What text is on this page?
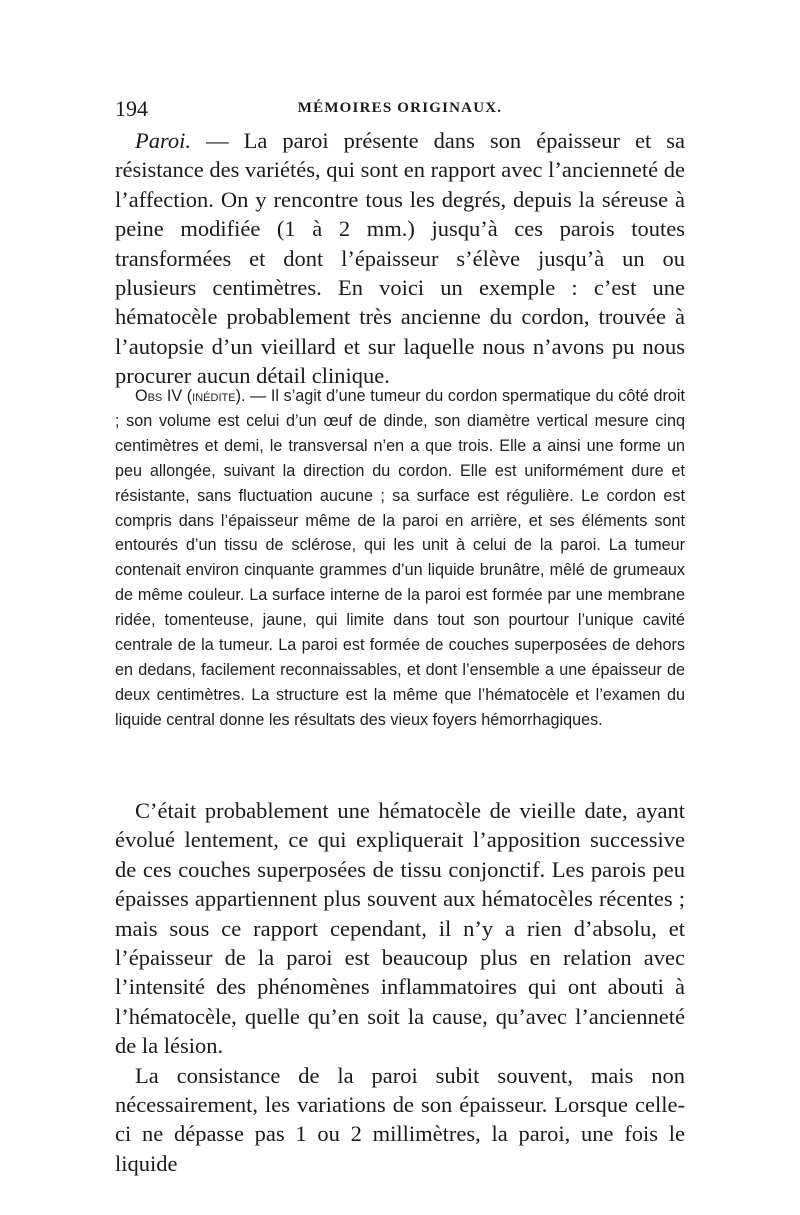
194	MÉMOIRES ORIGINAUX.

Paroi. — La paroi présente dans son épaisseur et sa résistance des variétés, qui sont en rapport avec l’ancienneté de l’affection. On y rencontre tous les degrés, depuis la séreuse à peine modifiée (1 à 2 mm.) jusqu’à ces parois toutes transformées et dont l’épaisseur s’élève jusqu’à un ou plusieurs centimètres. En voici un exemple : c’est une hématocèle probablement très ancienne du cordon, trouvée à l’autopsie d’un vieillard et sur laquelle nous n’avons pu nous procurer aucun détail clinique.

Obs IV (inédite). — Il s’agit d’une tumeur du cordon spermatique du côté droit ; son volume est celui d’un œuf de dinde, son diamètre vertical mesure cinq centimètres et demi, le transversal n’en a que trois. Elle a ainsi une forme un peu allongée, suivant la direction du cordon. Elle est uniformément dure et résistante, sans fluctuation aucune ; sa surface est régulière. Le cordon est compris dans l’épaisseur même de la paroi en arrière, et ses éléments sont entourés d’un tissu de sclérose, qui les unit à celui de la paroi. La tumeur contenait environ cinquante grammes d’un liquide brunâtre, mêlé de grumeaux de même couleur. La surface interne de la paroi est formée par une membrane ridée, tomenteuse, jaune, qui limite dans tout son pourtour l’unique cavité centrale de la tumeur. La paroi est formée de couches superposées de dehors en dedans, facilement reconnaissables, et dont l’ensemble a une épaisseur de deux centimètres. La structure est la même que l’hématocèle et l’examen du liquide central donne les résultats des vieux foyers hémorrhagiques.

C’était probablement une hématocèle de vieille date, ayant évolué lentement, ce qui expliquerait l’apposition successive de ces couches superposées de tissu conjonctif. Les parois peu épaisses appartiennent plus souvent aux hématocèles récentes ; mais sous ce rapport cependant, il n’y a rien d’absolu, et l’épaisseur de la paroi est beaucoup plus en relation avec l’intensité des phénomènes inflammatoires qui ont abouti à l’hématocèle, quelle qu’en soit la cause, qu’avec l’ancienneté de la lésion.

La consistance de la paroi subit souvent, mais non nécessairement, les variations de son épaisseur. Lorsque celle-ci ne dépasse pas 1 ou 2 millimètres, la paroi, une fois le liquide
